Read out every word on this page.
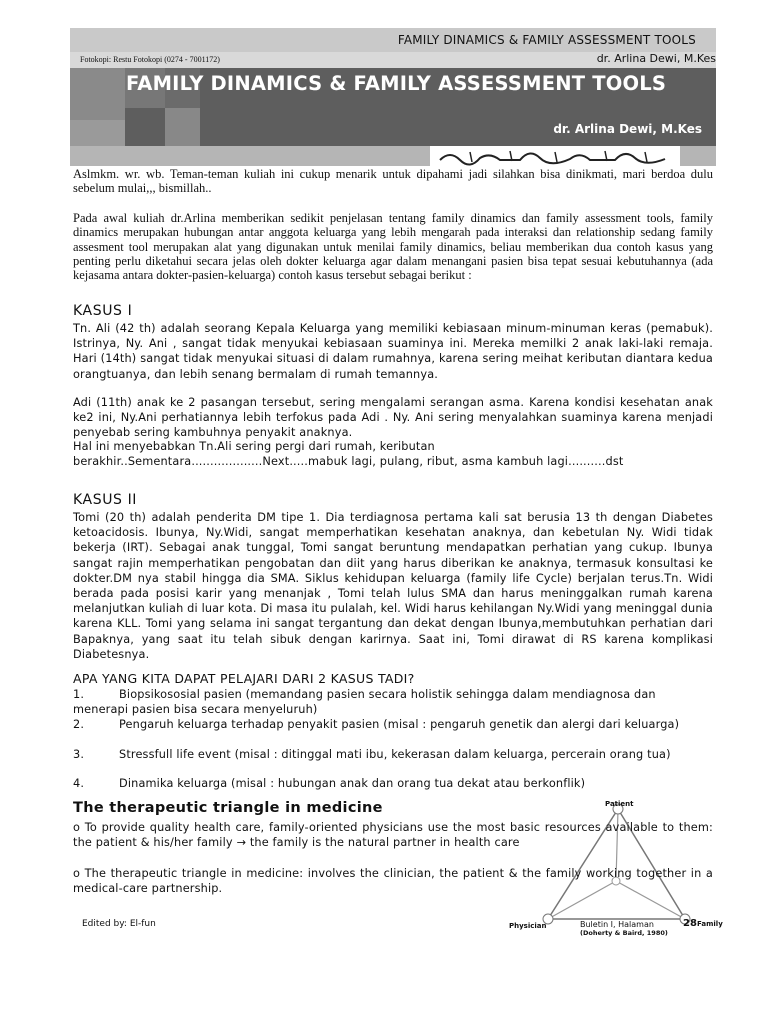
FAMILY DINAMICS & FAMILY ASSESSMENT TOOLS
Fotokopi: Restu Fotokopi (0274 - 7001172)	dr. Arlina Dewi, M.Kes
FAMILY DINAMICS & FAMILY ASSESSMENT TOOLS
dr. Arlina Dewi, M.Kes
Aslmkm. wr. wb. Teman-teman kuliah ini cukup menarik untuk dipahami jadi silahkan bisa dinikmati, mari berdoa dulu sebelum mulai,,, bismillah..
Pada awal kuliah dr.Arlina memberikan sedikit penjelasan tentang family dinamics dan family assessment tools, family dinamics merupakan hubungan antar anggota keluarga yang lebih mengarah pada interaksi dan relationship sedang family assesment tool merupakan alat yang digunakan untuk menilai family dinamics, beliau memberikan dua contoh kasus yang penting perlu diketahui secara jelas oleh dokter keluarga agar dalam menangani pasien bisa tepat sesuai kebutuhannya (ada kejasama antara dokter-pasien-keluarga) contoh kasus tersebut sebagai berikut :
KASUS I
Tn. Ali (42 th) adalah seorang Kepala Keluarga yang memiliki kebiasaan minum-minuman keras (pemabuk). Istrinya, Ny. Ani , sangat tidak menyukai kebiasaan suaminya ini. Mereka memilki 2 anak laki-laki remaja. Hari (14th) sangat tidak menyukai situasi di dalam rumahnya, karena sering meihat keributan diantara kedua orangtuanya, dan lebih senang bermalam di rumah temannya.
Adi (11th) anak ke 2 pasangan tersebut, sering mengalami serangan asma. Karena kondisi kesehatan anak ke2 ini, Ny.Ani perhatiannya lebih terfokus pada Adi . Ny. Ani sering menyalahkan suaminya karena menjadi penyebab sering kambuhnya penyakit anaknya.
Hal ini menyebabkan Tn.Ali sering pergi dari rumah, keributan berakhir..Sementara...................Next.....mabuk lagi, pulang, ribut, asma kambuh lagi..........dst
KASUS II
Tomi (20 th) adalah penderita DM tipe 1. Dia terdiagnosa pertama kali sat berusia 13 th dengan Diabetes ketoacidosis. Ibunya, Ny.Widi, sangat memperhatikan kesehatan anaknya, dan kebetulan Ny. Widi tidak bekerja (IRT). Sebagai anak tunggal, Tomi sangat beruntung mendapatkan perhatian yang cukup. Ibunya sangat rajin memperhatikan pengobatan dan diit yang harus diberikan ke anaknya, termasuk konsultasi ke dokter.DM nya stabil hingga dia SMA. Siklus kehidupan keluarga (family life Cycle) berjalan terus.Tn. Widi berada pada posisi karir yang menanjak , Tomi telah lulus SMA dan harus meninggalkan rumah karena melanjutkan kuliah di luar kota. Di masa itu pulalah, kel. Widi harus kehilangan Ny.Widi yang meninggal dunia karena KLL. Tomi yang selama ini sangat tergantung dan dekat dengan Ibunya,membutuhkan perhatian dari Bapaknya, yang saat itu telah sibuk dengan karirnya. Saat ini, Tomi dirawat di RS karena komplikasi Diabetesnya.
APA YANG KITA DAPAT PELAJARI DARI 2 KASUS TADI?
1.	Biopsikososial pasien (memandang pasien secara holistik sehingga dalam mendiagnosa dan menerapi pasien bisa secara menyeluruh)
2.	Pengaruh keluarga terhadap penyakit pasien (misal : pengaruh genetik dan alergi dari keluarga)
3.	Stressfull life event (misal : ditinggal mati ibu, kekerasan dalam keluarga, percerain orang tua)
4.	Dinamika keluarga (misal : hubungan anak dan orang tua dekat atau berkonflik)
Patient
Physician	Family
(Doherty & Baird, 1980)
The therapeutic triangle in medicine
o To provide quality health care, family-oriented physicians use the most basic resources available to them: the patient & his/her family → the family is the natural partner in health care
o The therapeutic triangle in medicine: involves the clinician, the patient & the family working together in a medical-care partnership.
Edited by: El-fun	Buletin I, Halaman	28
